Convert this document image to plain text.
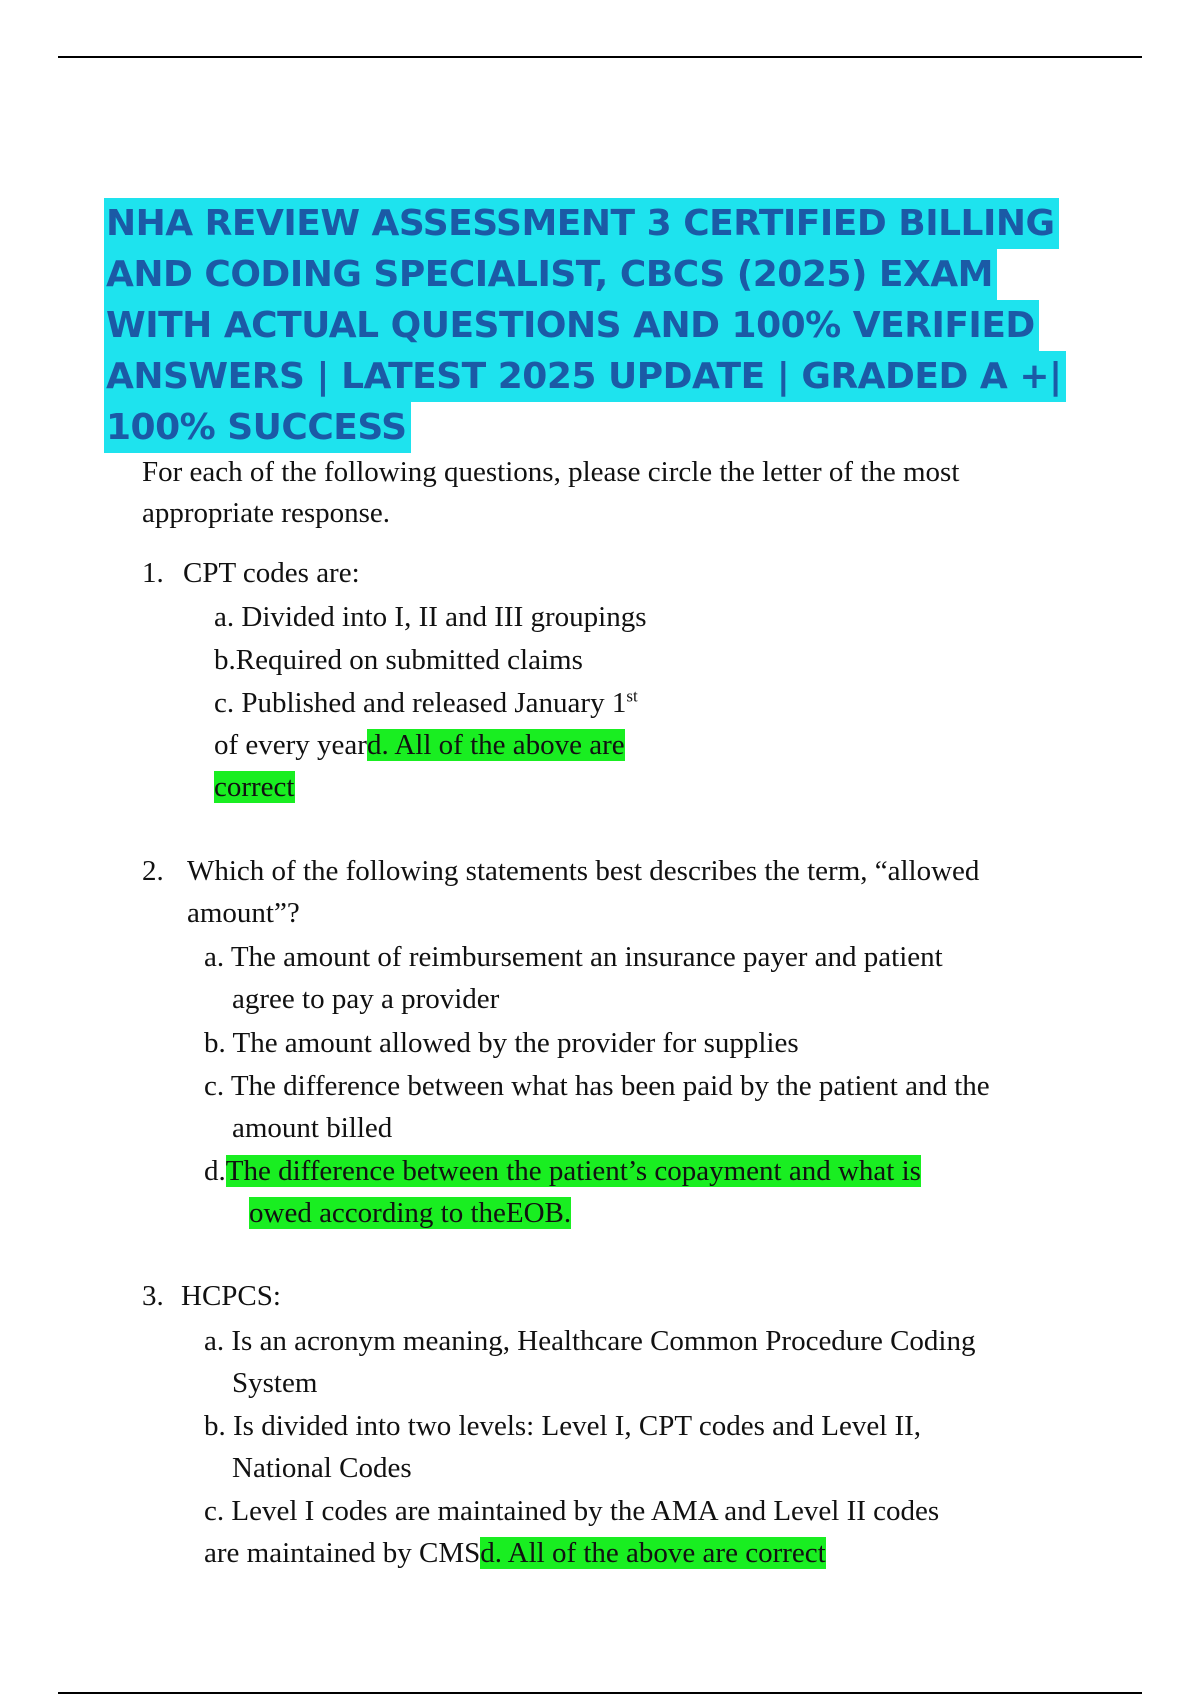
NHA REVIEW ASSESSMENT 3 CERTIFIED BILLING
AND CODING SPECIALIST, CBCS (2025) EXAM
WITH ACTUAL QUESTIONS AND 100% VERIFIED
ANSWERS | LATEST 2025 UPDATE | GRADED A +|
100% SUCCESS
For each of the following questions, please circle the letter of the most appropriate response.
1. CPT codes are:
a. Divided into I, II and III groupings
b.Required on submitted claims
c. Published and released January 1st
of every yeard. All of the above are
correct
2. Which of the following statements best describes the term, “allowed
amount”?
a. The amount of reimbursement an insurance payer and patient
agree to pay a provider
b. The amount allowed by the provider for supplies
c. The difference between what has been paid by the patient and the
amount billed
d.The difference between the patient’s copayment and what is
owed according to theEOB.
3. HCPCS:
a. Is an acronym meaning, Healthcare Common Procedure Coding
System
b. Is divided into two levels: Level I, CPT codes and Level II,
National Codes
c. Level I codes are maintained by the AMA and Level II codes
are maintained by CMSd. All of the above are correct
